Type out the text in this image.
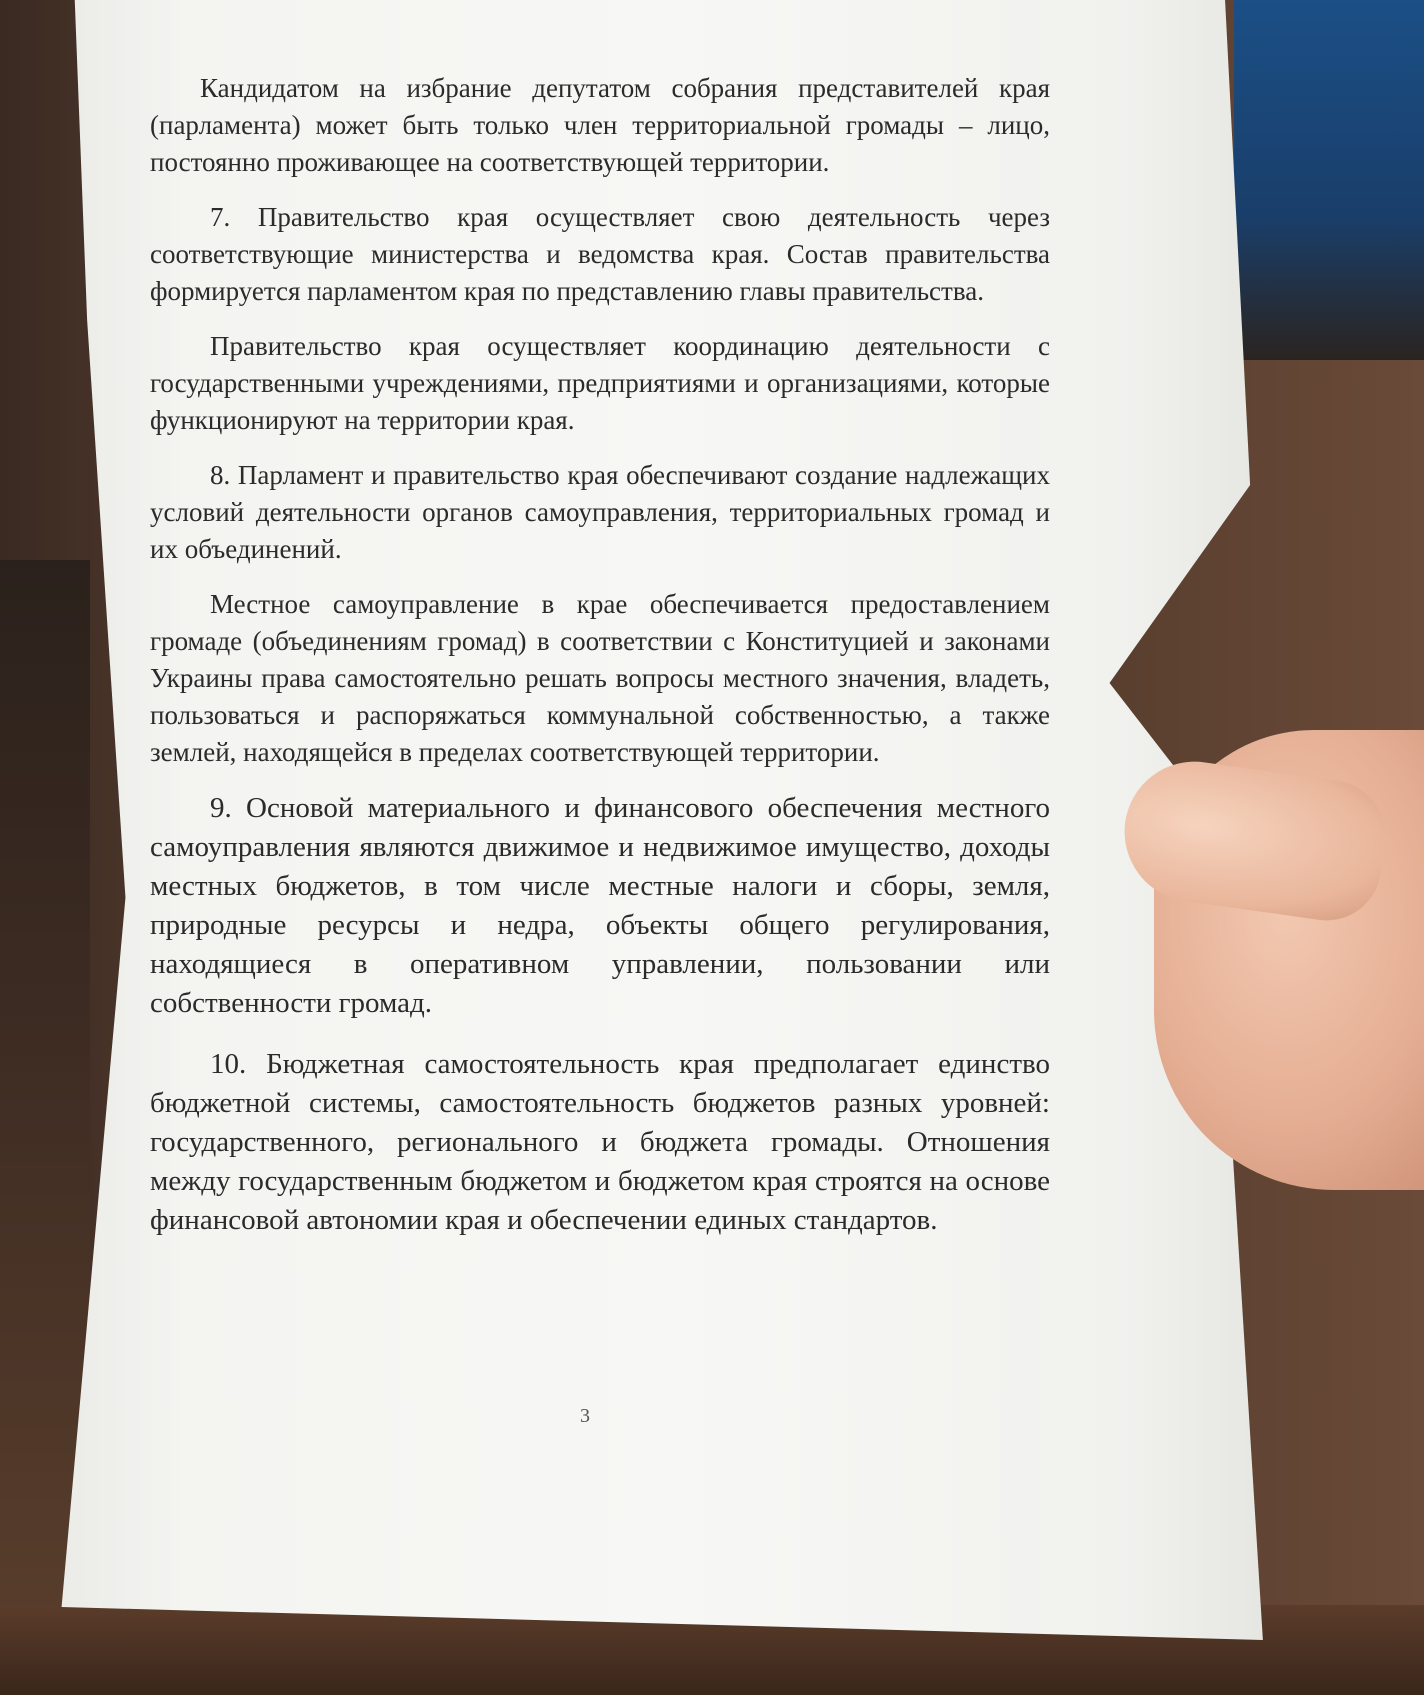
Кандидатом на избрание депутатом собрания представителей края (парламента) может быть только член территориальной громады – лицо, постоянно проживающее на соответствующей территории.

7. Правительство края осуществляет свою деятельность через соответствующие министерства и ведомства края. Состав правительства формируется парламентом края по представлению главы правительства.

Правительство края осуществляет координацию деятельности с государственными учреждениями, предприятиями и организациями, которые функционируют на территории края.

8. Парламент и правительство края обеспечивают создание надлежащих условий деятельности органов самоуправления, территориальных громад и их объединений.

Местное самоуправление в крае обеспечивается предоставлением громаде (объединениям громад) в соответствии с Конституцией и законами Украины права самостоятельно решать вопросы местного значения, владеть, пользоваться и распоряжаться коммунальной собственностью, а также землей, находящейся в пределах соответствующей территории.

9. Основой материального и финансового обеспечения местного самоуправления являются движимое и недвижимое имущество, доходы местных бюджетов, в том числе местные налоги и сборы, земля, природные ресурсы и недра, объекты общего регулирования, находящиеся в оперативном управлении, пользовании или собственности громад.

10. Бюджетная самостоятельность края предполагает единство бюджетной системы, самостоятельность бюджетов разных уровней: государственного, регионального и бюджета громады. Отношения между государственным бюджетом и бюджетом края строятся на основе финансовой автономии края и обеспечении единых стандартов.

3
